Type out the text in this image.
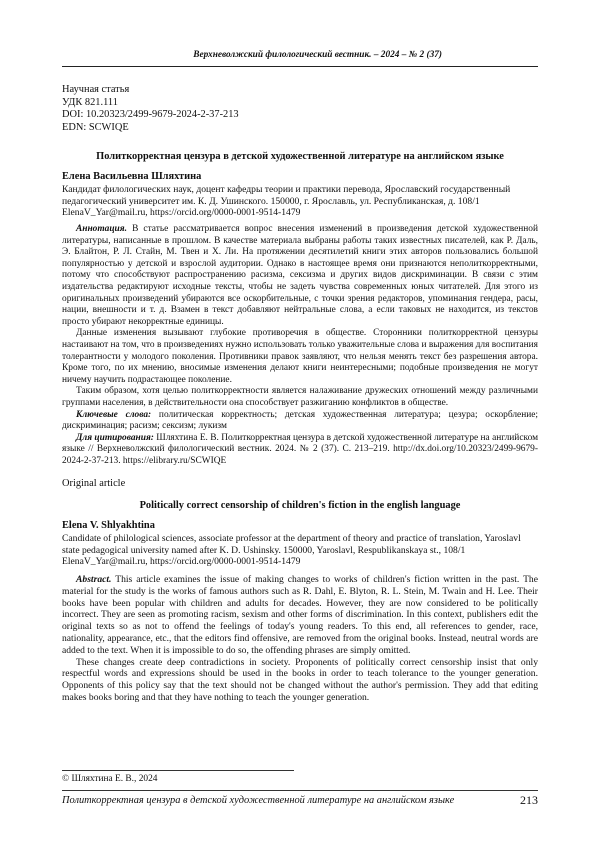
Верхневолжский филологический вестник. – 2024 – № 2 (37)
Научная статья
УДК 821.111
DOI: 10.20323/2499-9679-2024-2-37-213
EDN: SCWIQE
Политкорректная цензура в детской художественной литературе на английском языке
Елена Васильевна Шляхтина
Кандидат филологических наук, доцент кафедры теории и практики перевода, Ярославский государственный педагогический университет им. К. Д. Ушинского. 150000, г. Ярославль, ул. Республиканская, д. 108/1
ElenaV_Yar@mail.ru, https://orcid.org/0000-0001-9514-1479

Аннотация. В статье рассматривается вопрос внесения изменений в произведения детской художественной литературы, написанные в прошлом. В качестве материала выбраны работы таких известных писателей, как Р. Даль, Э. Блайтон, Р. Л. Стайн, М. Твен и Х. Ли. На протяжении десятилетий книги этих авторов пользовались большой популярностью у детской и взрослой аудитории. Однако в настоящее время они признаются неполиткорректными, потому что способствуют распространению расизма, сексизма и других видов дискриминации. В связи с этим издательства редактируют исходные тексты, чтобы не задеть чувства современных юных читателей. Для этого из оригинальных произведений убираются все оскорбительные, с точки зрения редакторов, упоминания гендера, расы, нации, внешности и т. д. Взамен в текст добавляют нейтральные слова, а если таковых не находится, из текстов просто убирают некорректные единицы.

Данные изменения вызывают глубокие противоречия в обществе. Сторонники политкорректной цензуры настаивают на том, что в произведениях нужно использовать только уважительные слова и выражения для воспитания толерантности у молодого поколения. Противники правок заявляют, что нельзя менять текст без разрешения автора. Кроме того, по их мнению, вносимые изменения делают книги неинтересными; подобные произведения не могут ничему научить подрастающее поколение.

Таким образом, хотя целью политкорректности является налаживание дружеских отношений между различными группами населения, в действительности она способствует разжиганию конфликтов в обществе.

Ключевые слова: политическая корректность; детская художественная литература; цезура; оскорбление; дискриминация; расизм; сексизм; лукизм

Для цитирования: Шляхтина Е. В. Политкорректная цензура в детской художественной литературе на английском языке // Верхневолжский филологический вестник. 2024. № 2 (37). С. 213–219. http://dx.doi.org/10.20323/2499-9679-2024-2-37-213. https://elibrary.ru/SCWIQE

Original article
Politically correct censorship of children's fiction in the english language
Elena V. Shlyakhtina
Candidate of philological sciences, associate professor at the department of theory and practice of translation, Yaroslavl state pedagogical university named after K. D. Ushinsky. 150000, Yaroslavl, Respublikanskaya st., 108/1
ElenaV_Yar@mail.ru, https://orcid.org/0000-0001-9514-1479

Abstract. This article examines the issue of making changes to works of children's fiction written in the past. The material for the study is the works of famous authors such as R. Dahl, E. Blyton, R. L. Stein, M. Twain and H. Lee. Their books have been popular with children and adults for decades. However, they are now considered to be politically incorrect. They are seen as promoting racism, sexism and other forms of discrimination. In this context, publishers edit the original texts so as not to offend the feelings of today's young readers. To this end, all references to gender, race, nationality, appearance, etc., that the editors find offensive, are removed from the original books. Instead, neutral words are added to the text. When it is impossible to do so, the offending phrases are simply omitted.

These changes create deep contradictions in society. Proponents of politically correct censorship insist that only respectful words and expressions should be used in the books in order to teach tolerance to the younger generation. Opponents of this policy say that the text should not be changed without the author's permission. They add that editing makes books boring and that they have nothing to teach the younger generation.

© Шляхтина Е. В., 2024
Политкорректная цензура в детской художественной литературе на английском языке	213
